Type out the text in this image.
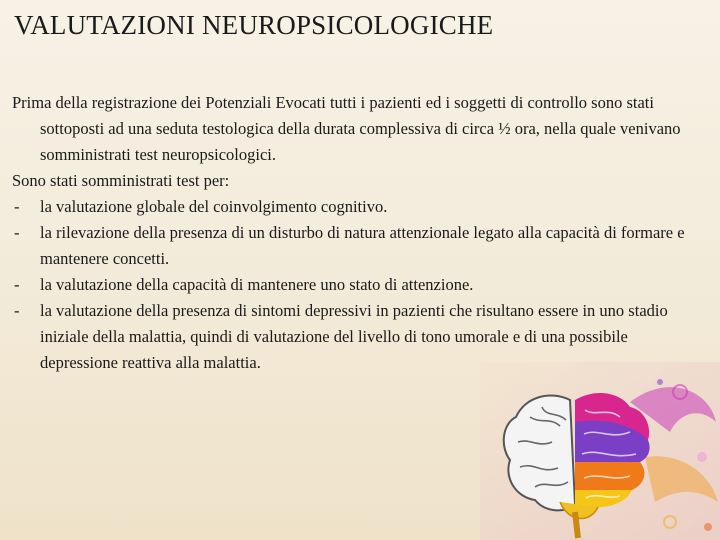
VALUTAZIONI NEUROPSICOLOGICHE

Prima della registrazione dei Potenziali Evocati tutti i pazienti ed i soggetti di controllo sono stati sottoposti ad una seduta testologica della durata complessiva di circa ½ ora, nella quale venivano somministrati test neuropsicologici.

Sono stati somministrati test per:

- la valutazione globale del coinvolgimento cognitivo.
- la rilevazione della presenza di un disturbo di natura attenzionale legato alla capacità di formare e mantenere concetti.
- la valutazione della capacità di mantenere uno stato di attenzione.
- la valutazione della presenza di sintomi depressivi in pazienti che risultano essere in uno stadio iniziale della malattia, quindi di valutazione del livello di tono umorale e di una possibile depressione reattiva alla malattia.
